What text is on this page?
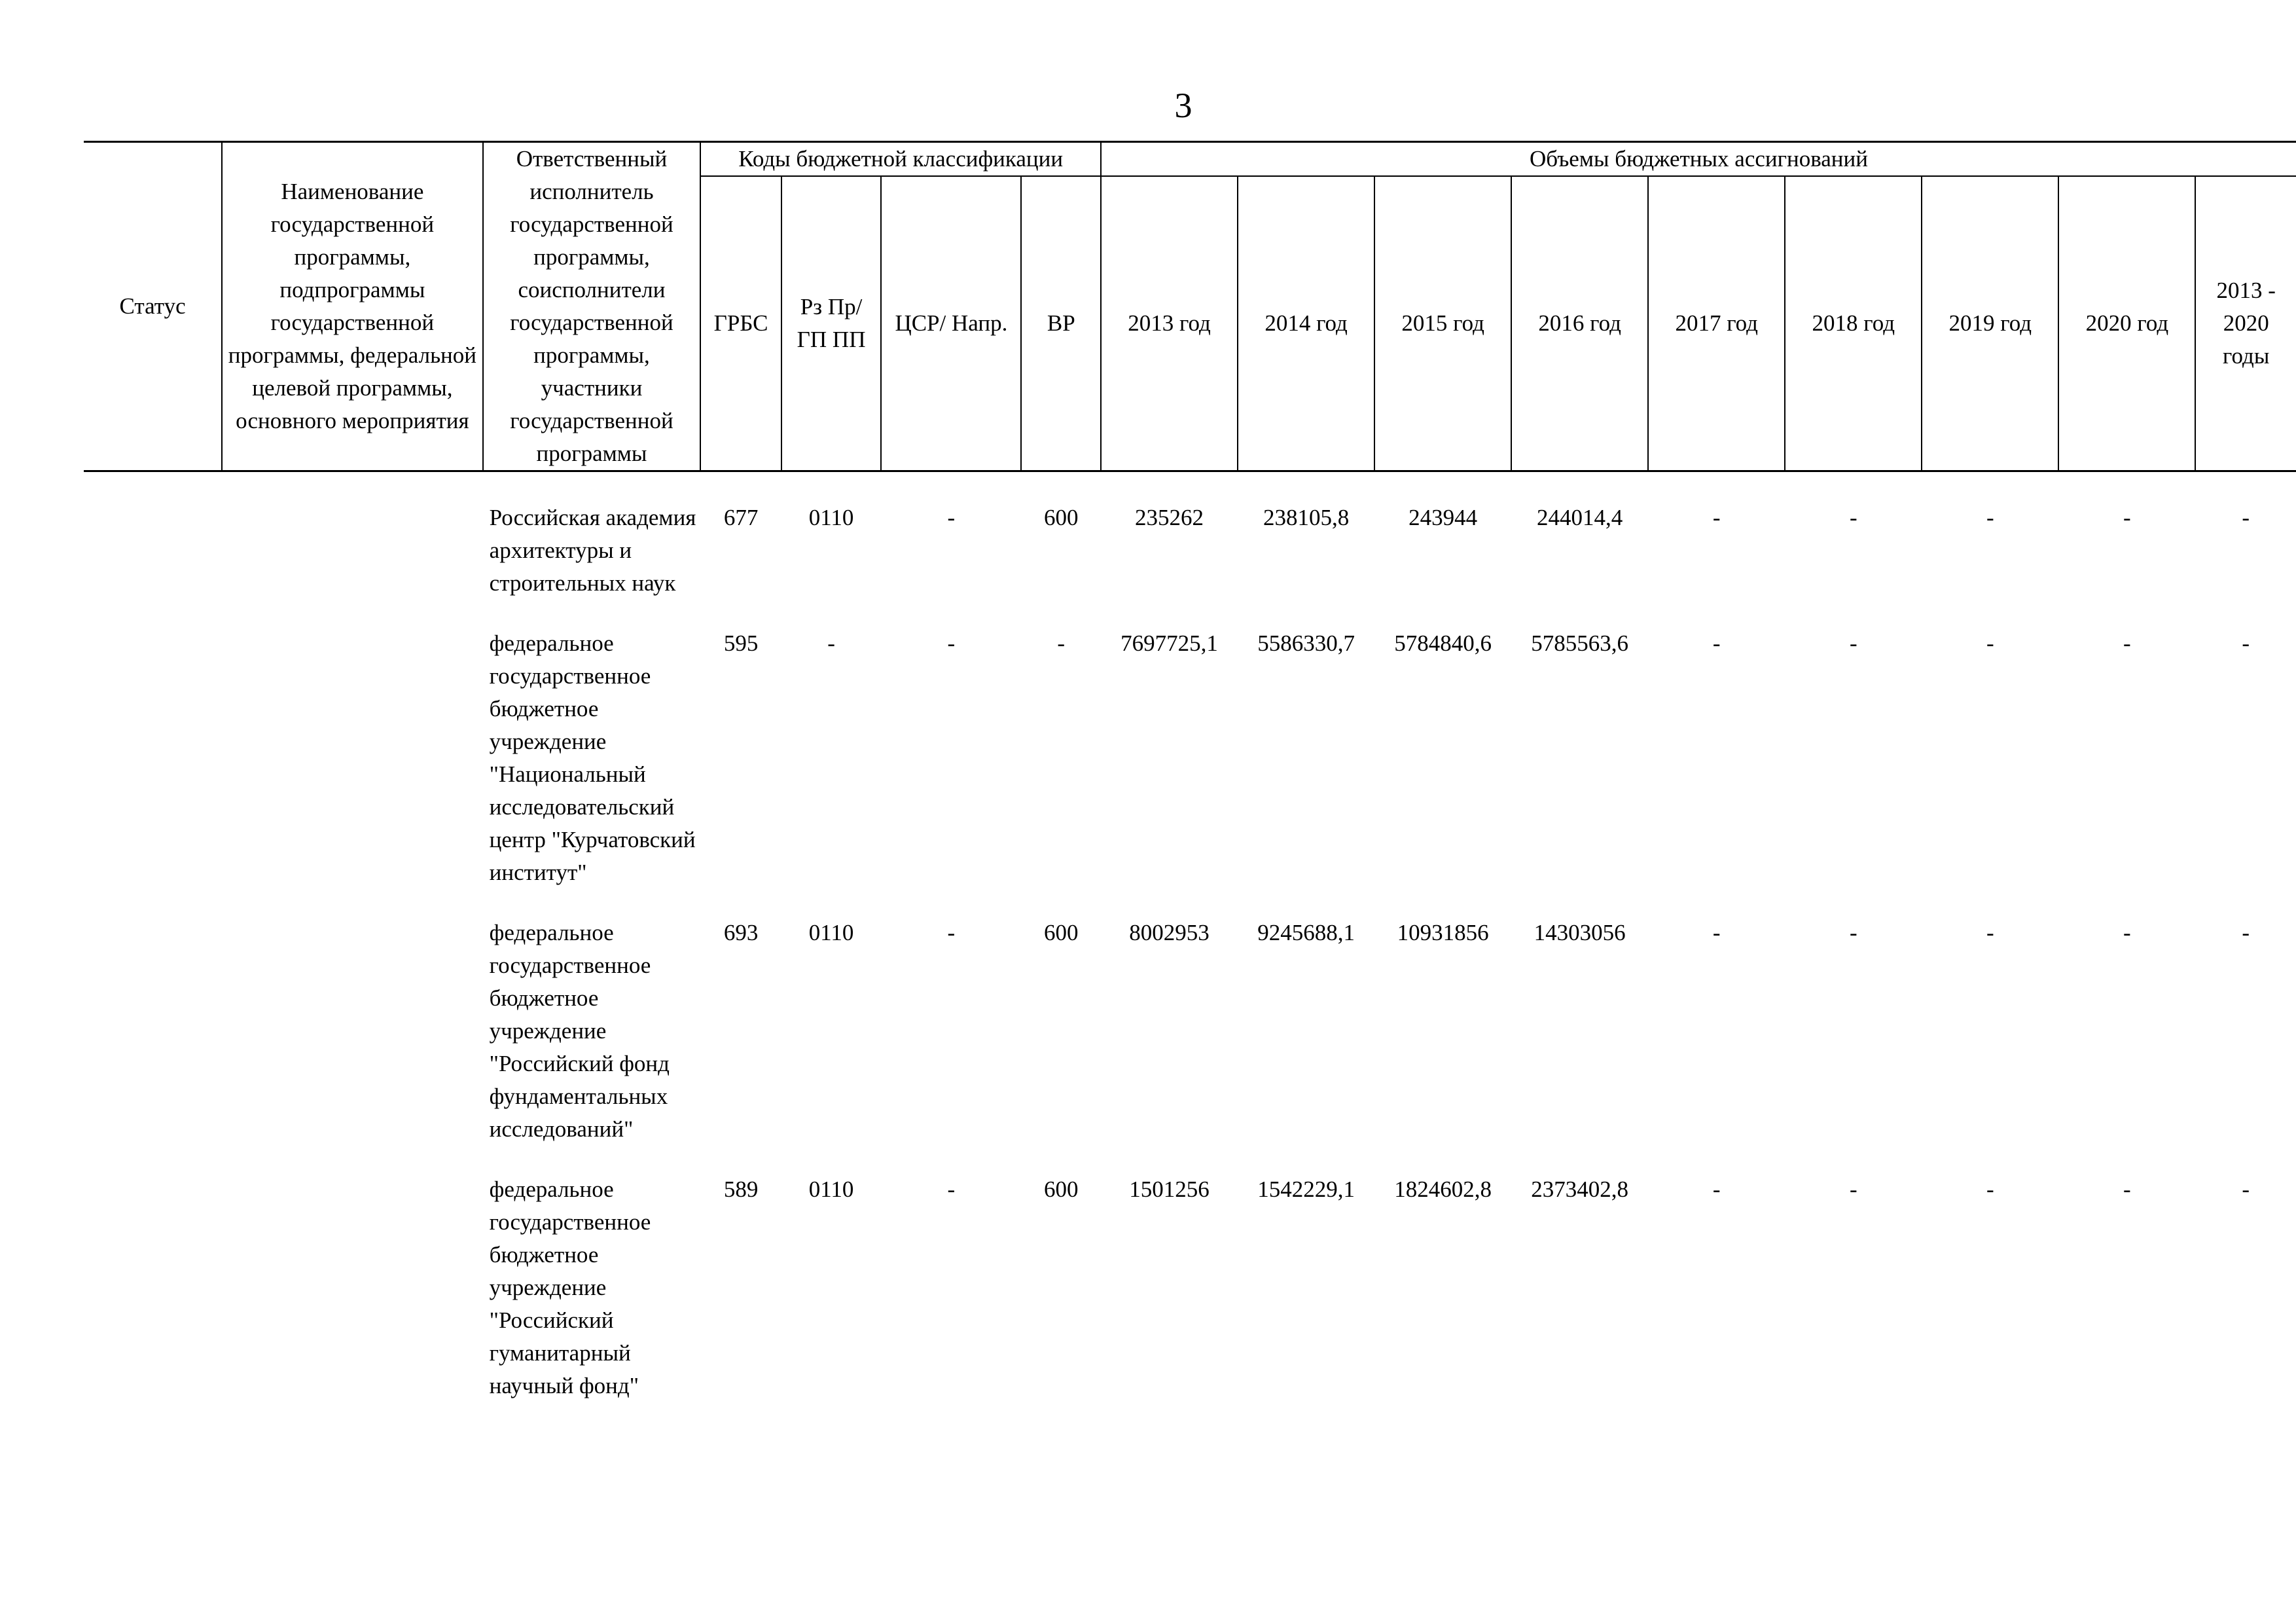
3
Статус	Наименование государственной программы, подпрограммы государственной программы, федеральной целевой программы, основного мероприятия	Ответственный исполнитель государственной программы, соисполнители государственной программы, участники государственной программы	Коды бюджетной классификации				Объемы бюджетных ассигнований								
			ГРБС	Рз Пр/ ГП ПП	ЦСР/ Напр.	ВР	2013 год	2014 год	2015 год	2016 год	2017 год	2018 год	2019 год	2020 год	2013 - 2020 годы

		Российская академия архитектуры и строительных наук	677	0110	-	600	235262	238105,8	243944	244014,4	-	-	-	-	-
		федеральное государственное бюджетное учреждение "Национальный исследовательский центр "Курчатовский институт"	595	-	-	-	7697725,1	5586330,7	5784840,6	5785563,6	-	-	-	-	-
		федеральное государственное бюджетное учреждение "Российский фонд фундаментальных исследований"	693	0110	-	600	8002953	9245688,1	10931856	14303056	-	-	-	-	-
		федеральное государственное бюджетное учреждение "Российский гуманитарный научный фонд"	589	0110	-	600	1501256	1542229,1	1824602,8	2373402,8	-	-	-	-	-
